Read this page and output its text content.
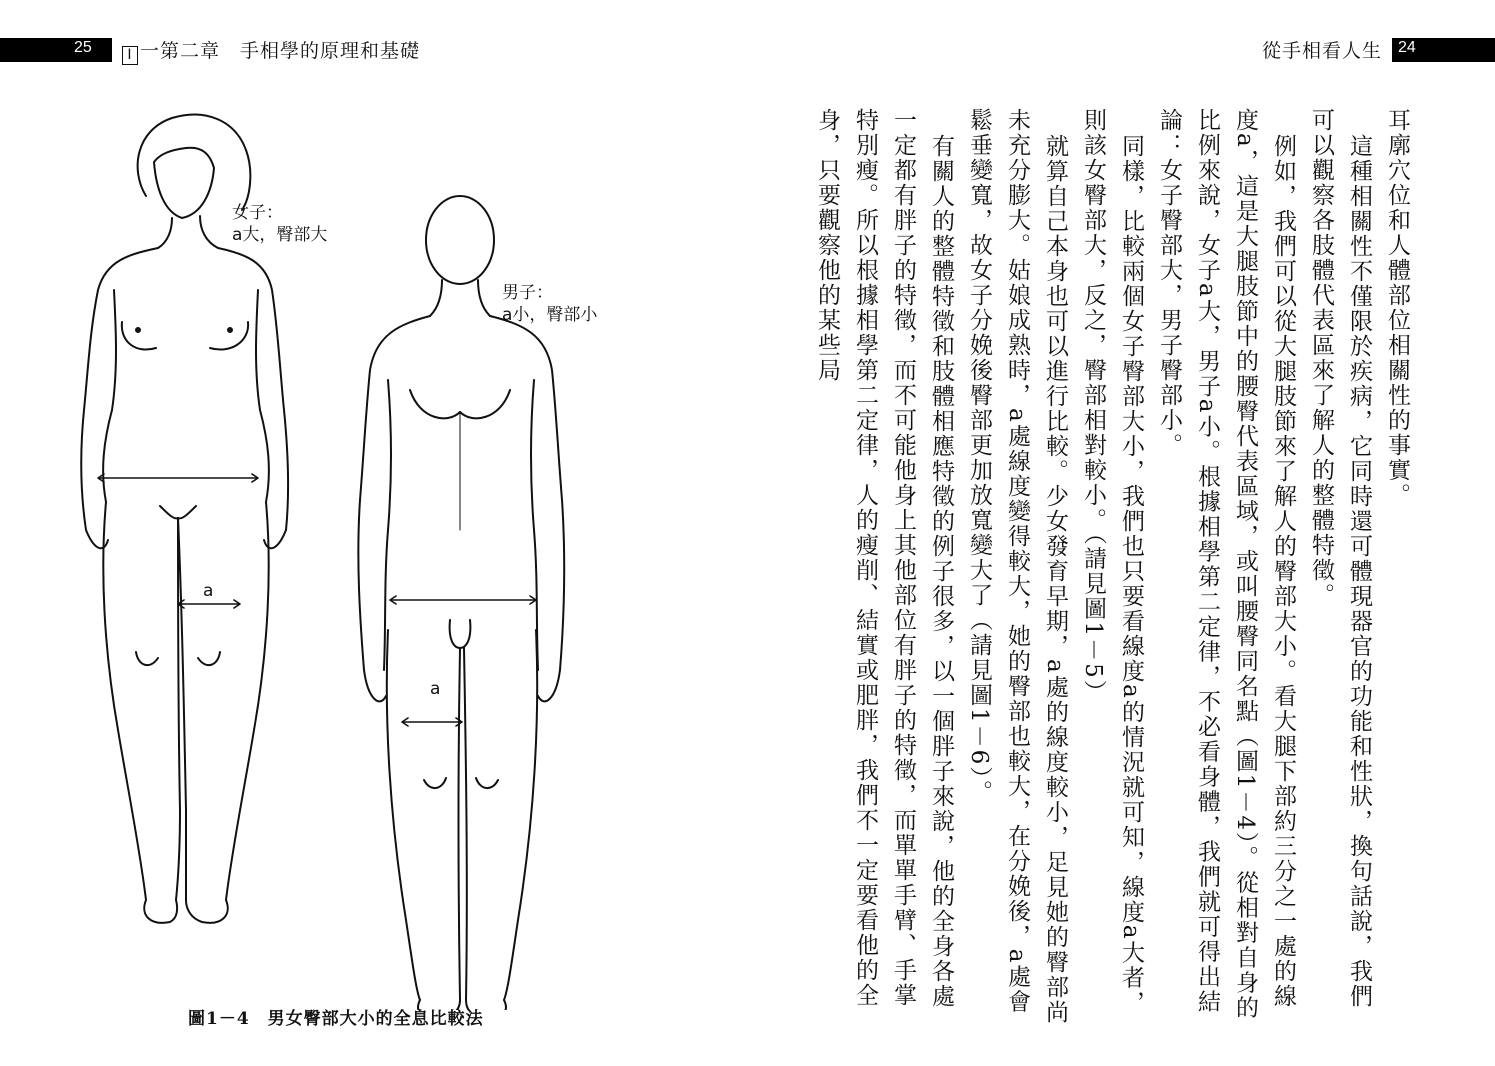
25	I 一第二章　手相學的原理和基礎	從手相看人生 24
女子：
a大，臀部大
男子：
a小，臀部小
a
a
圖1－4　男女臀部大小的全息比較法

耳廓穴位和人體部位相關性的事實。

這種相關性不僅限於疾病，它同時還可體現器官的功能和性狀，換句話說，我們可以觀察各肢體代表區來了解人的整體特徵。

例如，我們可以從大腿肢節來了解人的臀部大小。看大腿下部約三分之一處的線度a，這是大腿肢節中的腰臀代表區域，或叫腰臀同名點（圖1－4）。從相對自身的比例來說，女子a大，男子a小。根據相學第二定律，不必看身體，我們就可得出結論：女子臀部大，男子臀部小。

同樣，比較兩個女子臀部大小，我們也只要看線度a的情況就可知，線度a大者，則該女臀部大，反之，臀部相對較小。（請見圖1－5）

就算自己本身也可以進行比較。少女發育早期，a處的線度較小，足見她的臀部尚未充分膨大。姑娘成熟時，a處線度變得較大，她的臀部也較大，在分娩後，a處會鬆垂變寬，故女子分娩後臀部更加放寬變大了（請見圖1－6）。

有關人的整體特徵和肢體相應特徵的例子很多，以一個胖子來說，他的全身各處一定都有胖子的特徵，而不可能他身上其他部位有胖子的特徵，而單單手臂、手掌特別瘦。所以根據相學第二定律，人的瘦削、結實或肥胖，我們不一定要看他的全身，只要觀察他的某些局
